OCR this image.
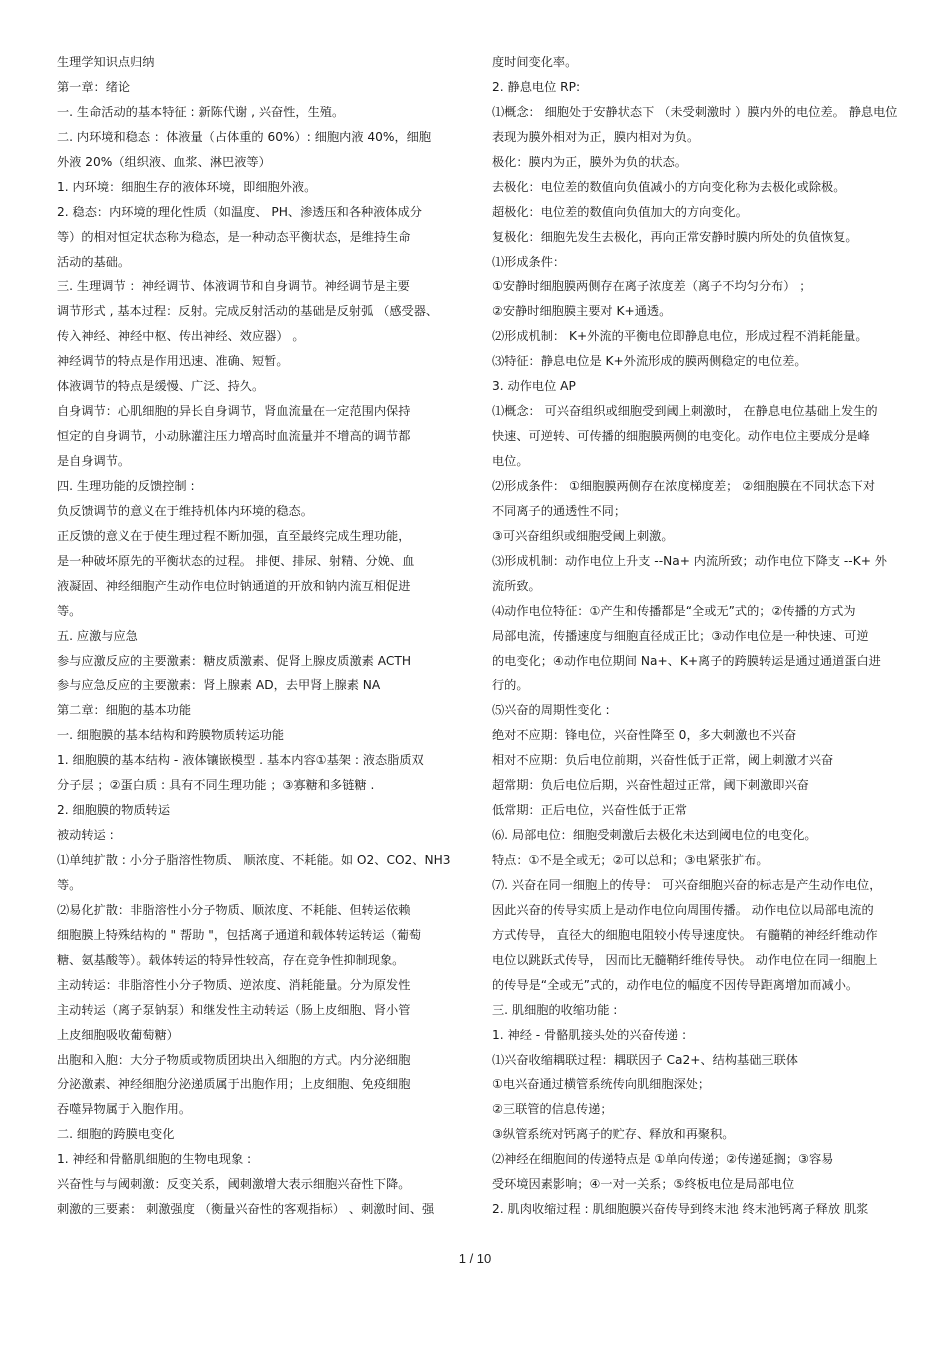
生理学知识点归纳
第一章：绪论
一. 生命活动的基本特征 : 新陈代谢 , 兴奋性，生殖。
二. 内环境和稳态 ：体液量（占体重的 60%）: 细胞内液 40%，细胞
外液 20%（组织液、血浆、淋巴液等）
1. 内环境：细胞生存的液体环境，即细胞外液。
2. 稳态：内环境的理化性质（如温度、 PH、渗透压和各种液体成分
等）的相对恒定状态称为稳态，是一种动态平衡状态，是维持生命
活动的基础。
三. 生理调节 ：神经调节、体液调节和自身调节。神经调节是主要
调节形式 , 基本过程：反射。完成反射活动的基础是反射弧 （感受器、
传入神经、神经中枢、传出神经、效应器） 。
神经调节的特点是作用迅速、准确、短暂。
体液调节的特点是缓慢、广泛、持久。
自身调节：心肌细胞的异长自身调节，肾血流量在一定范围内保持
恒定的自身调节，小动脉灌注压力增高时血流量并不增高的调节都
是自身调节。
四. 生理功能的反馈控制 :
负反馈调节的意义在于维持机体内环境的稳态。
正反馈的意义在于使生理过程不断加强，直至最终完成生理功能，
是一种破坏原先的平衡状态的过程。 排便、排尿、射精、分娩、血
液凝固、神经细胞产生动作电位时钠通道的开放和钠内流互相促进
等。
五. 应激与应急
参与应激反应的主要激素：糖皮质激素、促肾上腺皮质激素 ACTH
参与应急反应的主要激素：肾上腺素 AD，去甲肾上腺素 NA
第二章：细胞的基本功能
一. 细胞膜的基本结构和跨膜物质转运功能
1. 细胞膜的基本结构 - 液体镶嵌模型 . 基本内容①基架 : 液态脂质双
分子层 ；②蛋白质 : 具有不同生理功能 ；③寡糖和多链糖 .
2. 细胞膜的物质转运
被动转运 :
⑴单纯扩散 : 小分子脂溶性物质、 顺浓度、不耗能。如 O2、CO2、NH3
等。
⑵易化扩散：非脂溶性小分子物质、顺浓度、不耗能、但转运依赖
细胞膜上特殊结构的 " 帮助 "，包括离子通道和载体转运转运（葡萄
糖、氨基酸等）。载体转运的特异性较高，存在竞争性抑制现象。
主动转运：非脂溶性小分子物质、逆浓度、消耗能量。分为原发性
主动转运（离子泵钠泵）和继发性主动转运（肠上皮细胞、肾小管
上皮细胞吸收葡萄糖）
出胞和入胞：大分子物质或物质团块出入细胞的方式。内分泌细胞
分泌激素、神经细胞分泌递质属于出胞作用；上皮细胞、免疫细胞
吞噬异物属于入胞作用。
二. 细胞的跨膜电变化
1. 神经和骨骼肌细胞的生物电现象 :
兴奋性与与阈刺激：反变关系，阈刺激增大表示细胞兴奋性下降。
刺激的三要素： 刺激强度 （衡量兴奋性的客观指标） 、刺激时间、强
度时间变化率。
2. 静息电位 RP:
⑴概念： 细胞处于安静状态下 （未受刺激时 ）膜内外的电位差。 静息电位
表现为膜外相对为正，膜内相对为负。
极化：膜内为正，膜外为负的状态。
去极化：电位差的数值向负值减小的方向变化称为去极化或除极。
超极化：电位差的数值向负值加大的方向变化。
复极化：细胞先发生去极化，再向正常安静时膜内所处的负值恢复。
⑴形成条件：
①安静时细胞膜两侧存在离子浓度差（离子不均匀分布） ；
②安静时细胞膜主要对 K+通透。
⑵形成机制： K+外流的平衡电位即静息电位，形成过程不消耗能量。
⑶特征：静息电位是 K+外流形成的膜两侧稳定的电位差。
3. 动作电位 AP
⑴概念： 可兴奋组织或细胞受到阈上刺激时， 在静息电位基础上发生的
快速、可逆转、可传播的细胞膜两侧的电变化。动作电位主要成分是峰
电位。
⑵形成条件： ①细胞膜两侧存在浓度梯度差； ②细胞膜在不同状态下对
不同离子的通透性不同；
③可兴奋组织或细胞受阈上刺激。
⑶形成机制：动作电位上升支 --Na+ 内流所致；动作电位下降支 --K+ 外
流所致。
⑷动作电位特征：①产生和传播都是“全或无”式的；②传播的方式为
局部电流，传播速度与细胞直径成正比；③动作电位是一种快速、可逆
的电变化；④动作电位期间 Na+、K+离子的跨膜转运是通过通道蛋白进
行的。
⑸兴奋的周期性变化 :
绝对不应期：锋电位，兴奋性降至 0，多大刺激也不兴奋
相对不应期：负后电位前期，兴奋性低于正常，阈上刺激才兴奋
超常期：负后电位后期，兴奋性超过正常，阈下刺激即兴奋
低常期：正后电位，兴奋性低于正常
⑹. 局部电位：细胞受刺激后去极化未达到阈电位的电变化。
特点：①不是全或无；②可以总和；③电紧张扩布。
⑺. 兴奋在同一细胞上的传导： 可兴奋细胞兴奋的标志是产生动作电位，
因此兴奋的传导实质上是动作电位向周围传播。 动作电位以局部电流的
方式传导， 直径大的细胞电阻较小传导速度快。 有髓鞘的神经纤维动作
电位以跳跃式传导， 因而比无髓鞘纤维传导快。 动作电位在同一细胞上
的传导是“全或无”式的，动作电位的幅度不因传导距离增加而减小。
三. 肌细胞的收缩功能 :
1. 神经 - 骨骼肌接头处的兴奋传递 :
⑴兴奋收缩耦联过程：耦联因子 Ca2+、结构基础三联体
①电兴奋通过横管系统传向肌细胞深处；
②三联管的信息传递；
③纵管系统对钙离子的贮存、释放和再聚积。
⑵神经在细胞间的传递特点是 ①单向传递；②传递延搁；③容易
受环境因素影响；④一对一关系；⑤终板电位是局部电位
2. 肌肉收缩过程 : 肌细胞膜兴奋传导到终末池 终末池钙离子释放 肌浆
1 / 10
